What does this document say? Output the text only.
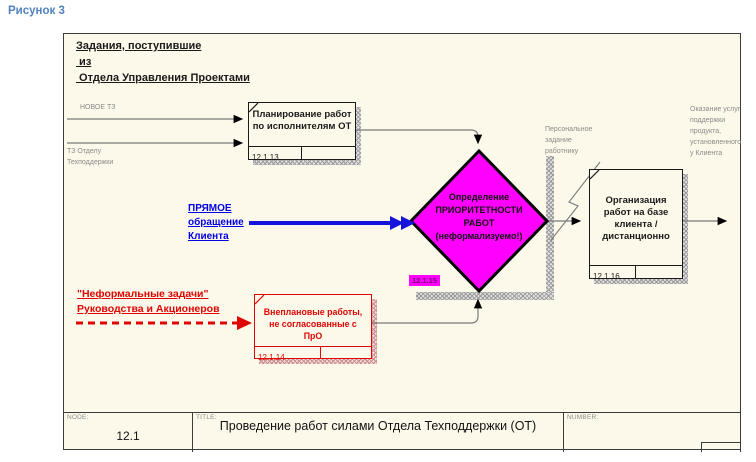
Рисунок 3
Задания, поступившие
из
Отдела Управления Проектами
НОВОЕ ТЗ
ТЗ Отделу
Техподдержки
ПРЯМОЕ
обращение
Клиента
"Неформальные задачи"
Руководства и Акционеров
Планирование работ по исполнителям ОТ
12.1.13
Внеплановые работы, не согласованные с ПрО
12.1.14
Организация работ на базе клиента / дистанционно
12.1.16
Определение
ПРИОРИТЕТНОСТИ
РАБОТ
(неформализуемо!)
12.1.15
Персональное
задание
работнику
Оказание услуг
поддержки
продукта,
установленного
у Клиента
NODE:
12.1
TITLE:
Проведение работ силами Отдела Техподдержки (ОТ)
NUMBER:
